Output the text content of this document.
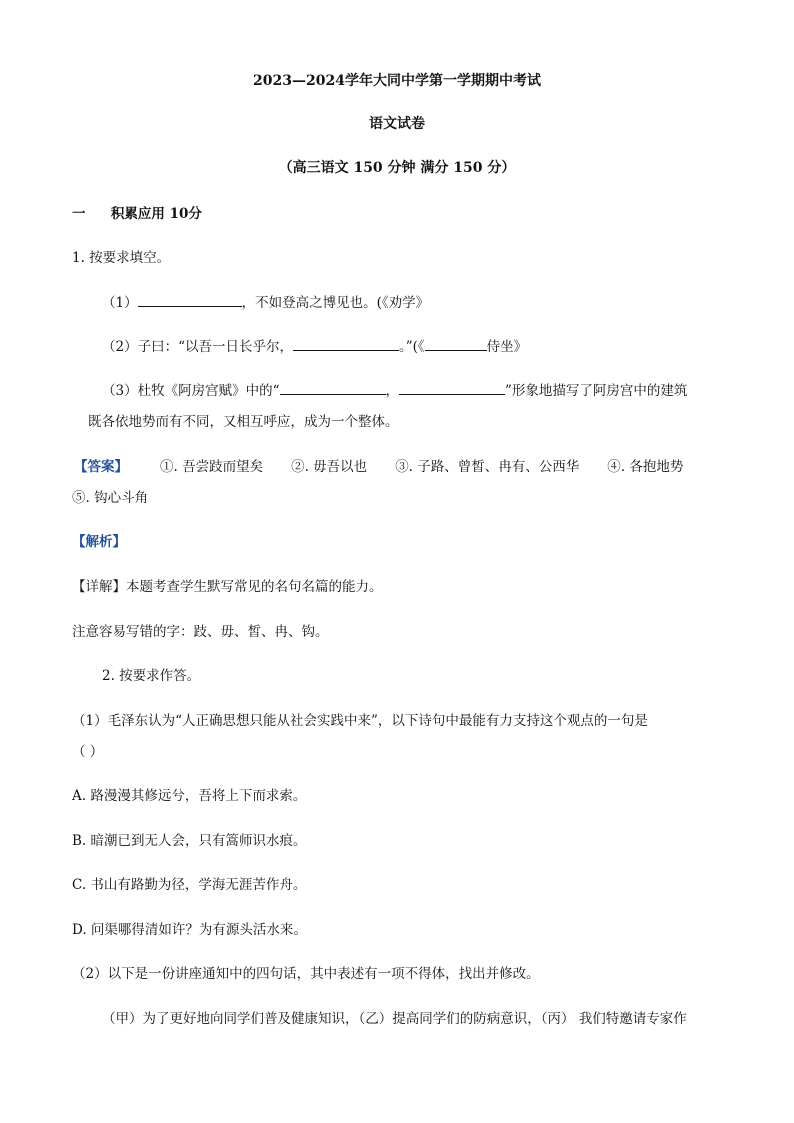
2023—2024学年大同中学第一学期期中考试
语文试卷
（高三语文 150 分钟 满分 150 分）
一 积累应用 10分
1. 按要求填空。
（1）	，不如登高之博见也。(《劝学》
（2）子曰：“以吾一日长乎尔，	。”(《	侍坐》
（3）杜牧《阿房宫赋》中的“	，	”形象地描写了阿房宫中的建筑
既各依地势而有不同，又相互呼应，成为一个整体。
【答案】 ①. 吾尝跂而望矣 ②. 毋吾以也 ③. 子路、曾皙、冉有、公西华 ④. 各抱地势
⑤. 钩心斗角
【解析】
【详解】本题考查学生默写常见的名句名篇的能力。
注意容易写错的字：跂、毋、皙、冉、钩。
2. 按要求作答。
（1）毛泽东认为“人正确思想只能从社会实践中来”，以下诗句中最能有力支持这个观点的一句是
（ ）
A. 路漫漫其修远兮，吾将上下而求索。
B. 暗潮已到无人会，只有篙师识水痕。
C. 书山有路勤为径，学海无涯苦作舟。
D. 问渠哪得清如许？为有源头活水来。
（2）以下是一份讲座通知中的四句话，其中表述有一项不得体，找出并修改。
（甲）为了更好地向同学们普及健康知识，（乙）提高同学们的防病意识，（丙） 我们特邀请专家作
